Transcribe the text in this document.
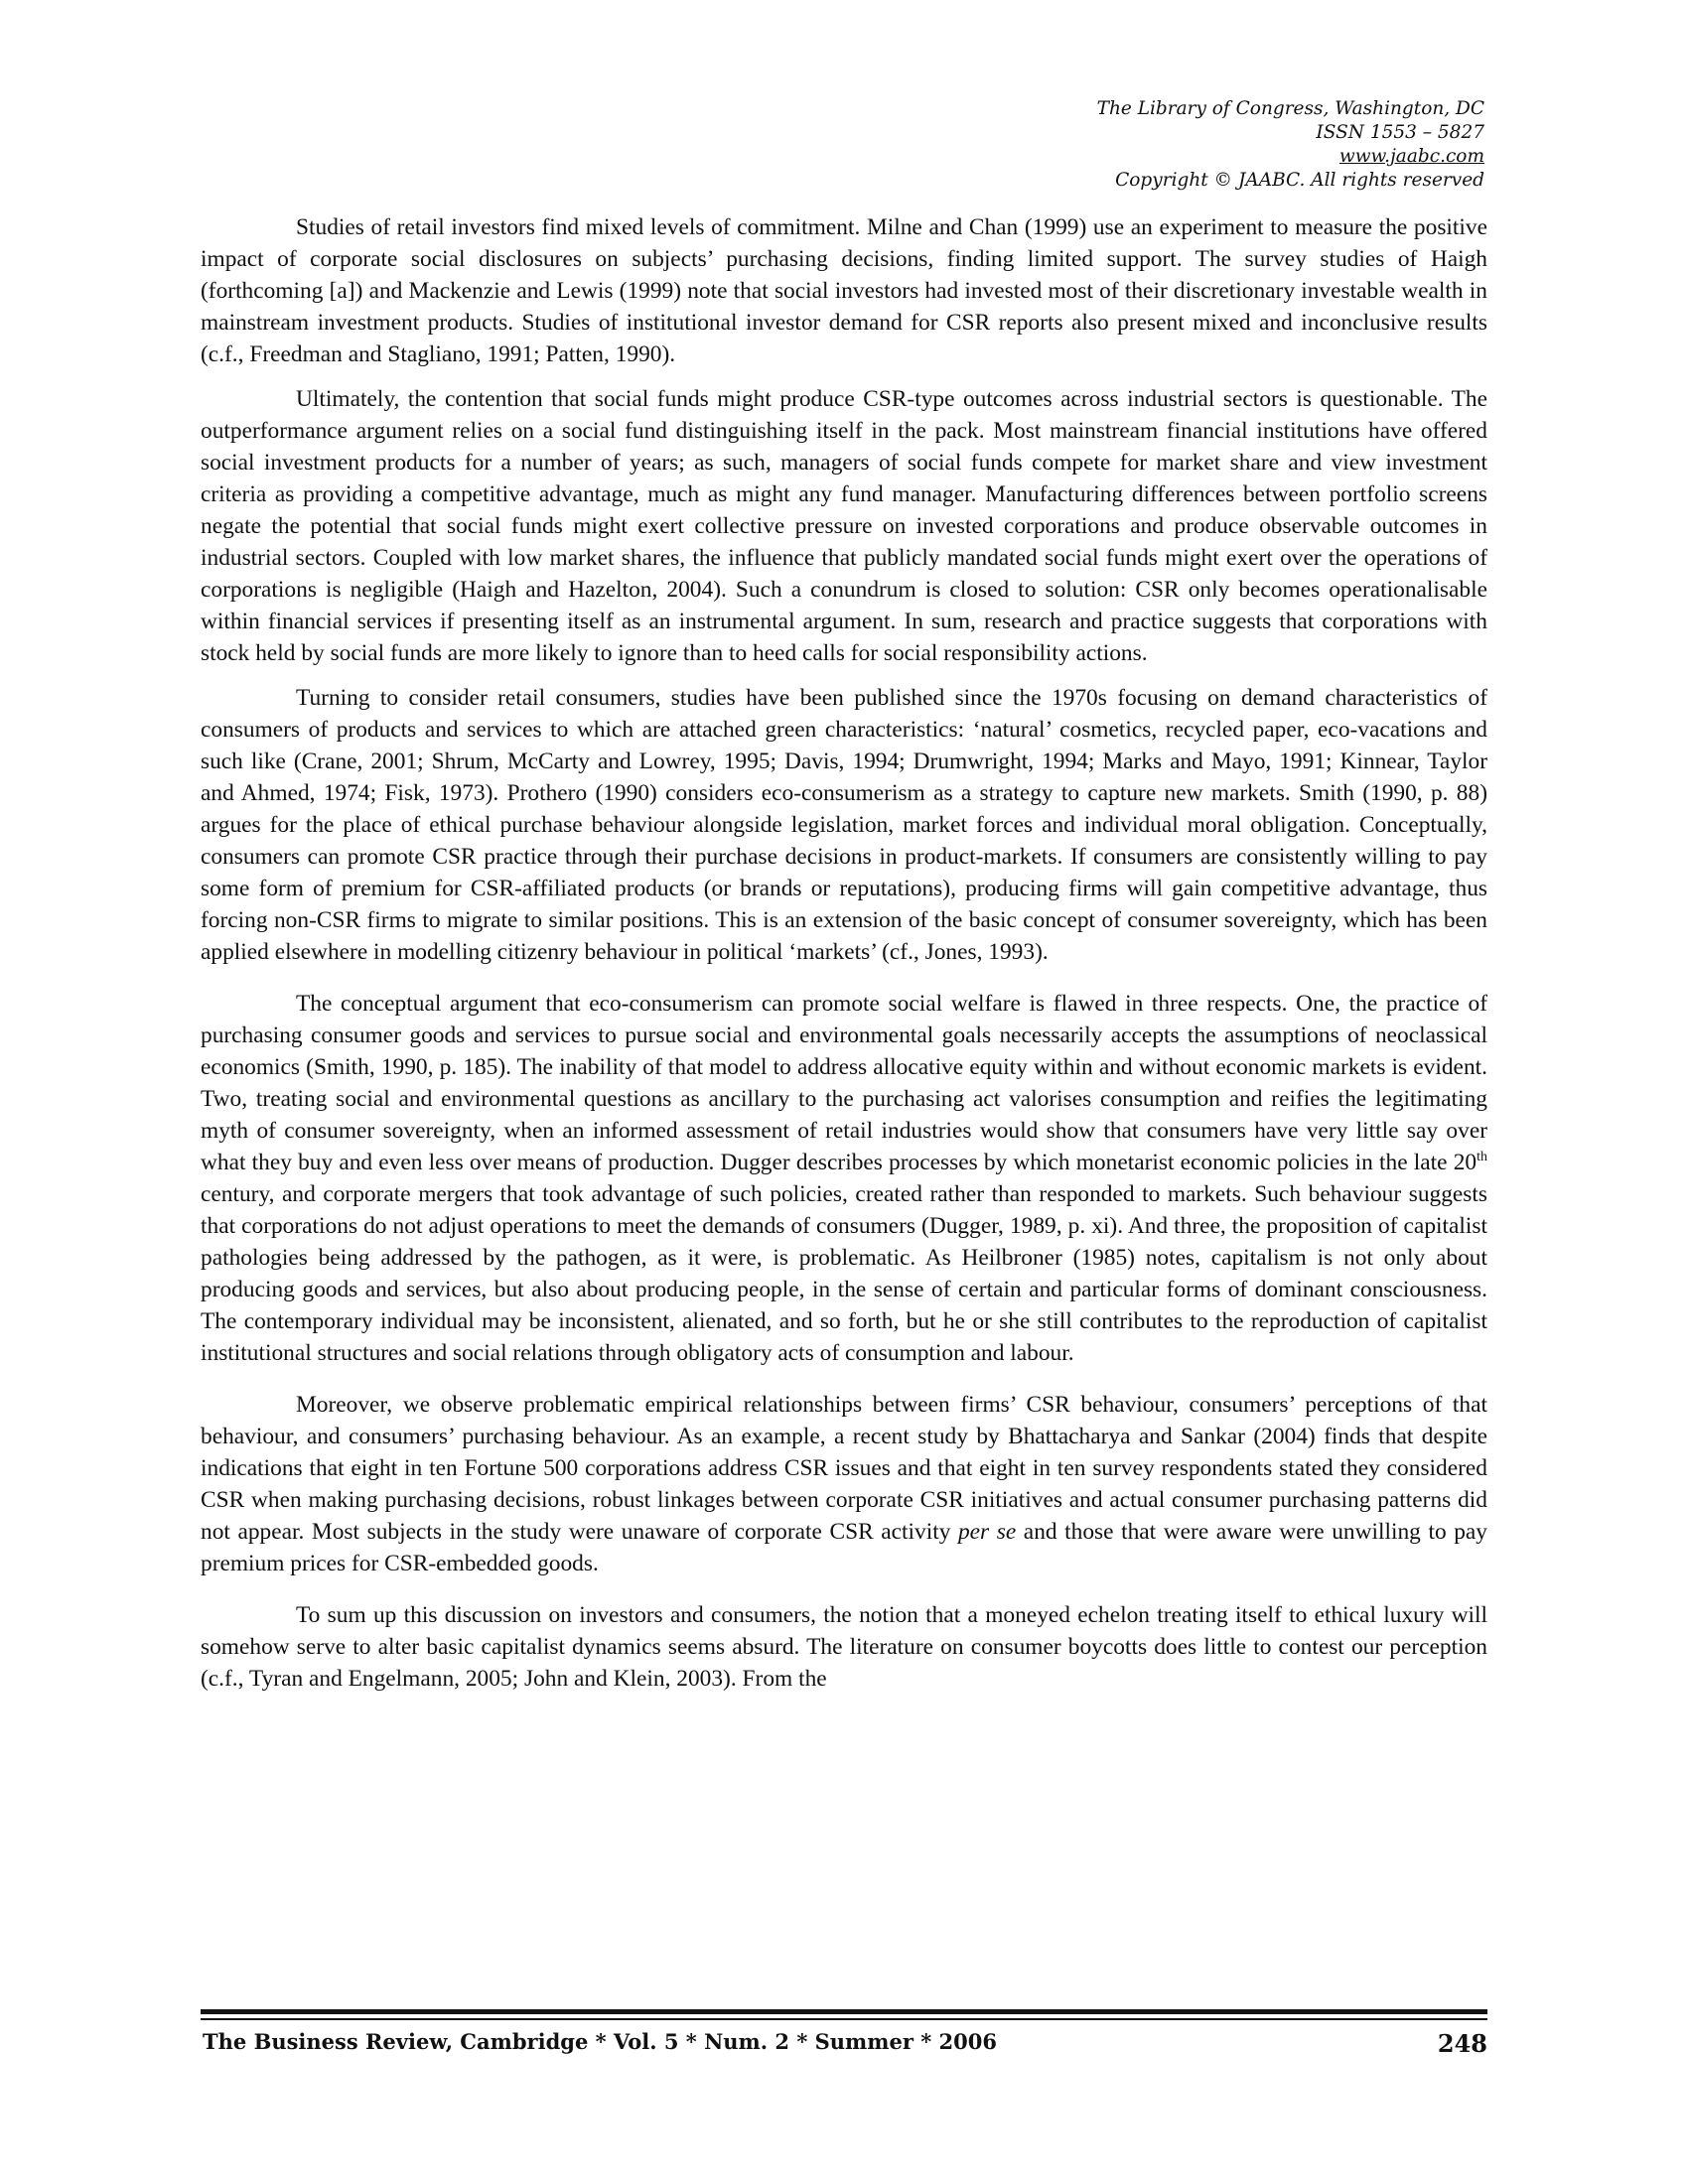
The Library of Congress, Washington, DC
ISSN 1553 – 5827
www.jaabc.com
Copyright © JAABC. All rights reserved

Studies of retail investors find mixed levels of commitment. Milne and Chan (1999) use an experiment to measure the positive impact of corporate social disclosures on subjects’ purchasing decisions, finding limited support. The survey studies of Haigh (forthcoming [a]) and Mackenzie and Lewis (1999) note that social investors had invested most of their discretionary investable wealth in mainstream investment products. Studies of institutional investor demand for CSR reports also present mixed and inconclusive results (c.f., Freedman and Stagliano, 1991; Patten, 1990).

Ultimately, the contention that social funds might produce CSR-type outcomes across industrial sectors is questionable. The outperformance argument relies on a social fund distinguishing itself in the pack. Most mainstream financial institutions have offered social investment products for a number of years; as such, managers of social funds compete for market share and view investment criteria as providing a competitive advantage, much as might any fund manager. Manufacturing differences between portfolio screens negate the potential that social funds might exert collective pressure on invested corporations and produce observable outcomes in industrial sectors. Coupled with low market shares, the influence that publicly mandated social funds might exert over the operations of corporations is negligible (Haigh and Hazelton, 2004). Such a conundrum is closed to solution: CSR only becomes operationalisable within financial services if presenting itself as an instrumental argument. In sum, research and practice suggests that corporations with stock held by social funds are more likely to ignore than to heed calls for social responsibility actions.

Turning to consider retail consumers, studies have been published since the 1970s focusing on demand characteristics of consumers of products and services to which are attached green characteristics: ‘natural’ cosmetics, recycled paper, eco-vacations and such like (Crane, 2001; Shrum, McCarty and Lowrey, 1995; Davis, 1994; Drumwright, 1994; Marks and Mayo, 1991; Kinnear, Taylor and Ahmed, 1974; Fisk, 1973). Prothero (1990) considers eco-consumerism as a strategy to capture new markets. Smith (1990, p. 88) argues for the place of ethical purchase behaviour alongside legislation, market forces and individual moral obligation. Conceptually, consumers can promote CSR practice through their purchase decisions in product-markets. If consumers are consistently willing to pay some form of premium for CSR-affiliated products (or brands or reputations), producing firms will gain competitive advantage, thus forcing non-CSR firms to migrate to similar positions. This is an extension of the basic concept of consumer sovereignty, which has been applied elsewhere in modelling citizenry behaviour in political ‘markets’ (cf., Jones, 1993).

The conceptual argument that eco-consumerism can promote social welfare is flawed in three respects. One, the practice of purchasing consumer goods and services to pursue social and environmental goals necessarily accepts the assumptions of neoclassical economics (Smith, 1990, p. 185). The inability of that model to address allocative equity within and without economic markets is evident. Two, treating social and environmental questions as ancillary to the purchasing act valorises consumption and reifies the legitimating myth of consumer sovereignty, when an informed assessment of retail industries would show that consumers have very little say over what they buy and even less over means of production. Dugger describes processes by which monetarist economic policies in the late 20th century, and corporate mergers that took advantage of such policies, created rather than responded to markets. Such behaviour suggests that corporations do not adjust operations to meet the demands of consumers (Dugger, 1989, p. xi). And three, the proposition of capitalist pathologies being addressed by the pathogen, as it were, is problematic. As Heilbroner (1985) notes, capitalism is not only about producing goods and services, but also about producing people, in the sense of certain and particular forms of dominant consciousness. The contemporary individual may be inconsistent, alienated, and so forth, but he or she still contributes to the reproduction of capitalist institutional structures and social relations through obligatory acts of consumption and labour.

Moreover, we observe problematic empirical relationships between firms’ CSR behaviour, consumers’ perceptions of that behaviour, and consumers’ purchasing behaviour. As an example, a recent study by Bhattacharya and Sankar (2004) finds that despite indications that eight in ten Fortune 500 corporations address CSR issues and that eight in ten survey respondents stated they considered CSR when making purchasing decisions, robust linkages between corporate CSR initiatives and actual consumer purchasing patterns did not appear. Most subjects in the study were unaware of corporate CSR activity per se and those that were aware were unwilling to pay premium prices for CSR-embedded goods.

To sum up this discussion on investors and consumers, the notion that a moneyed echelon treating itself to ethical luxury will somehow serve to alter basic capitalist dynamics seems absurd. The literature on consumer boycotts does little to contest our perception (c.f., Tyran and Engelmann, 2005; John and Klein, 2003). From the

The Business Review, Cambridge * Vol. 5 * Num. 2 * Summer * 2006	248
